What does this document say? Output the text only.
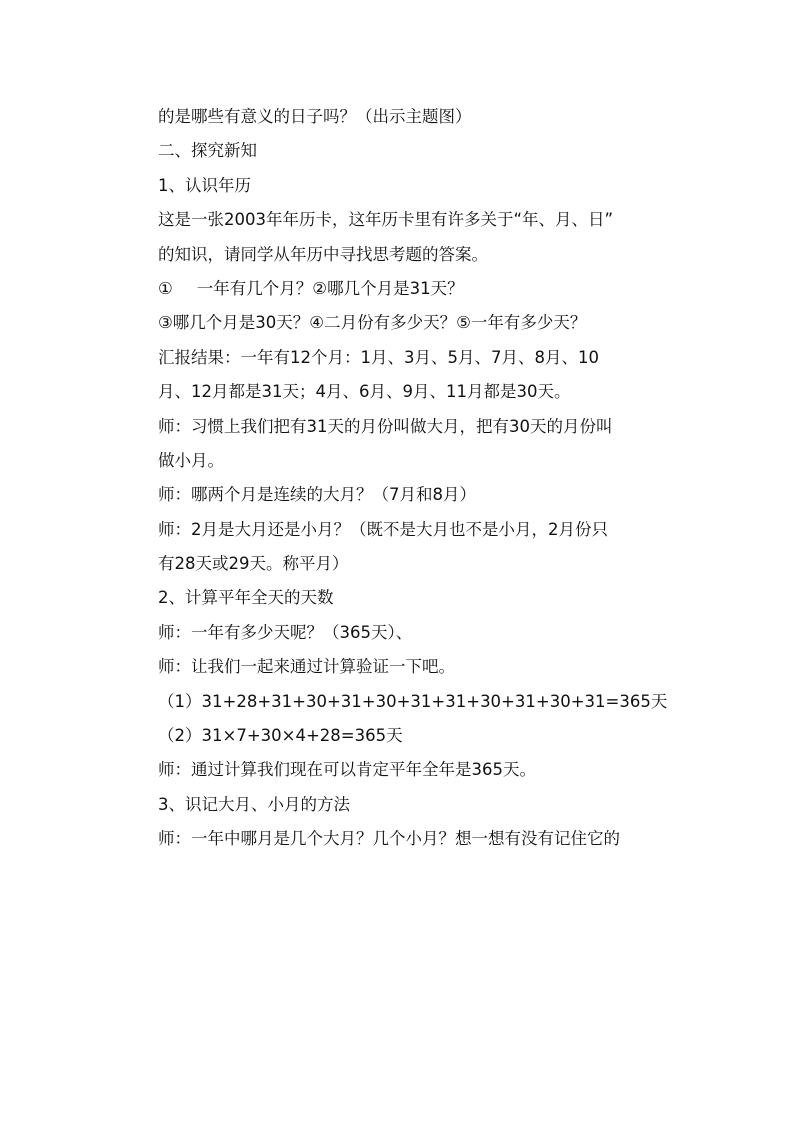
的是哪些有意义的日子吗？（出示主题图）
二、探究新知
1、认识年历
这是一张2003年年历卡，这年历卡里有许多关于“年、月、日”
的知识，请同学从年历中寻找思考题的答案。
① 一年有几个月？②哪几个月是31天？
③哪几个月是30天？④二月份有多少天？⑤一年有多少天？
汇报结果：一年有12个月：1月、3月、5月、7月、8月、10
月、12月都是31天；4月、6月、9月、11月都是30天。
师：习惯上我们把有31天的月份叫做大月，把有30天的月份叫
做小月。
师：哪两个月是连续的大月？（7月和8月）
师：2月是大月还是小月？（既不是大月也不是小月，2月份只
有28天或29天。称平月）
2、计算平年全天的天数
师：一年有多少天呢？（365天）、
师：让我们一起来通过计算验证一下吧。
（1）31+28+31+30+31+30+31+31+30+31+30+31=365天
（2）31×7+30×4+28=365天
师：通过计算我们现在可以肯定平年全年是365天。
3、识记大月、小月的方法
师：一年中哪月是几个大月？几个小月？想一想有没有记住它的
